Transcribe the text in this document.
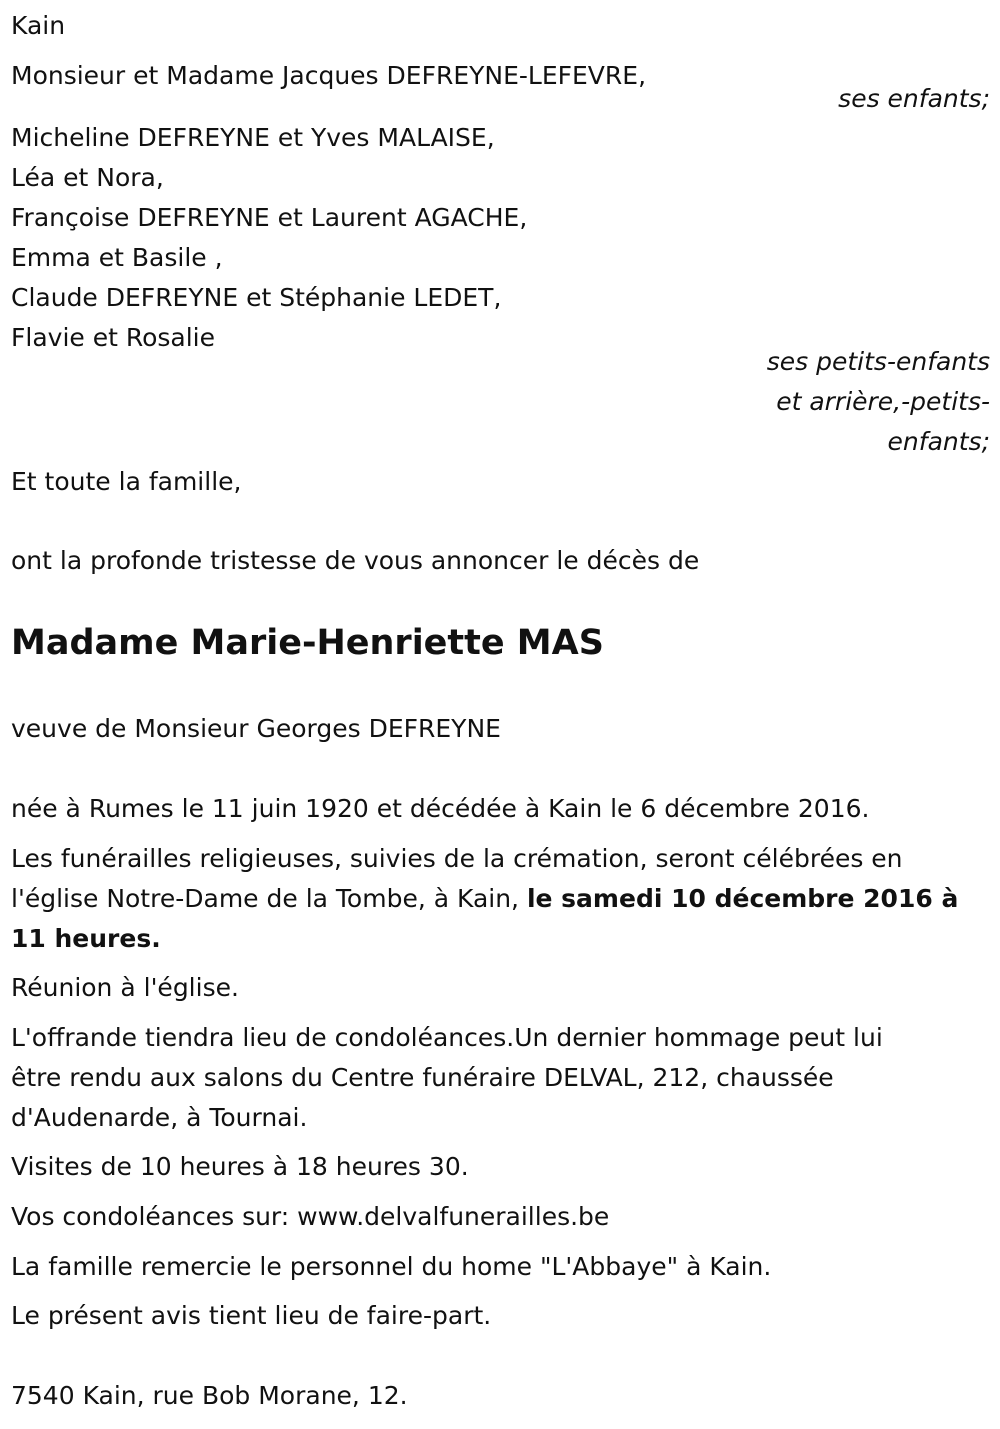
Kain
Monsieur et Madame Jacques DEFREYNE-LEFEVRE,
ses enfants;
Micheline DEFREYNE et Yves MALAISE,
Léa et Nora,
Françoise DEFREYNE et Laurent AGACHE,
Emma et Basile ,
Claude DEFREYNE et Stéphanie LEDET,
Flavie et Rosalie
ses petits-enfants
et arrière,-petits-
enfants;
Et toute la famille,
ont la profonde tristesse de vous annoncer le décès de
Madame Marie-Henriette MAS
veuve de Monsieur Georges DEFREYNE
née à Rumes le 11 juin 1920 et décédée à Kain le 6 décembre 2016.
Les funérailles religieuses, suivies de la crémation, seront célébrées en
l'église Notre-Dame de la Tombe, à Kain, le samedi 10 décembre 2016 à
11 heures.
Réunion à l'église.
L'offrande tiendra lieu de condoléances.Un dernier hommage peut lui
être rendu aux salons du Centre funéraire DELVAL, 212, chaussée
d'Audenarde, à Tournai.
Visites de 10 heures à 18 heures 30.
Vos condoléances sur: www.delvalfunerailles.be
La famille remercie le personnel du home "L'Abbaye" à Kain.
Le présent avis tient lieu de faire-part.
7540 Kain, rue Bob Morane, 12.
